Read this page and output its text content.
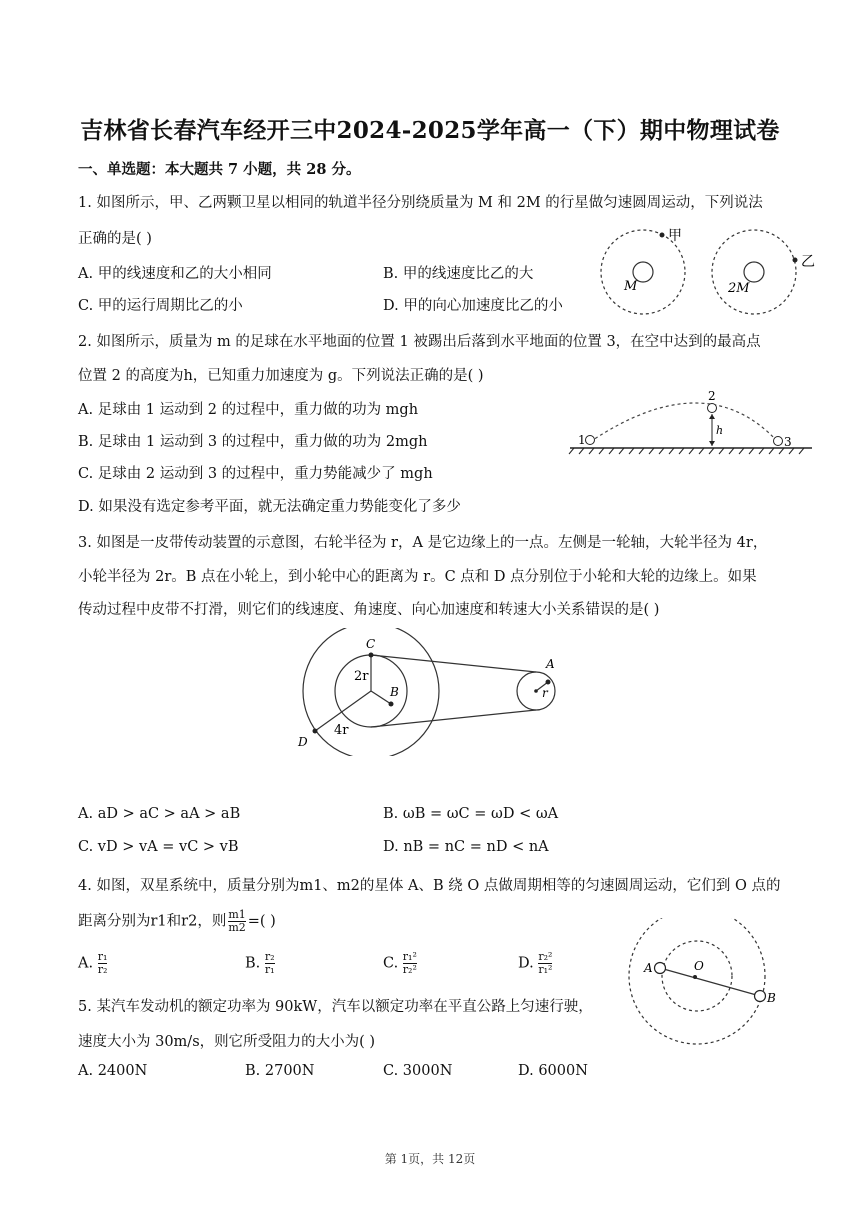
吉林省长春汽车经开三中2024-2025学年高一（下）期中物理试卷
一、单选题：本大题共 7 小题，共 28 分。
1. 如图所示，甲、乙两颗卫星以相同的轨道半径分别绕质量为 M 和 2M 的行星做匀速圆周运动，下列说法
正确的是( )
A. 甲的线速度和乙的大小相同	B. 甲的线速度比乙的大
C. 甲的运行周期比乙的小	D. 甲的向心加速度比乙的小
甲
M
乙
2M
2. 如图所示，质量为 m 的足球在水平地面的位置 1 被踢出后落到水平地面的位置 3，在空中达到的最高点
位置 2 的高度为h，已知重力加速度为 g。下列说法正确的是( )
A. 足球由 1 运动到 2 的过程中，重力做的功为 mgh
B. 足球由 1 运动到 3 的过程中，重力做的功为 2mgh
C. 足球由 2 运动到 3 的过程中，重力势能减少了 mgh
D. 如果没有选定参考平面，就无法确定重力势能变化了多少
1
2
3
h
3. 如图是一皮带传动装置的示意图，右轮半径为 r，A 是它边缘上的一点。左侧是一轮轴，大轮半径为 4r，
小轮半径为 2r。B 点在小轮上，到小轮中心的距离为 r。C 点和 D 点分别位于小轮和大轮的边缘上。如果
传动过程中皮带不打滑，则它们的线速度、角速度、向心加速度和转速大小关系错误的是( )
C
B
A
D
2r
4r
r
A. aD > aC > aA > aB	B. ωB = ωC = ωD < ωA
C. vD > vA = vC > vB	D. nB = nC = nD < nA
4. 如图，双星系统中，质量分别为m1、m2的星体 A、B 绕 O 点做周期相等的匀速圆周运动，它们到 O 点的
距离分别为r1和r2，则 $\frac{m1}{m2}$ =( )
A. $\frac{\text{r₁}}{\text{r₂}}$	B. $\frac{\text{r₂}}{\text{r₁}}$	C. $\frac{\text{r₁²}}{\text{r₂²}}$	D. $\frac{\text{r₂²}}{\text{r₁²}}$	A	O
B
5. 某汽车发动机的额定功率为 90kW，汽车以额定功率在平直公路上匀速行驶，
速度大小为 30m/s，则它所受阻力的大小为( )
A. 2400N	B. 2700N	C. 3000N	D. 6000N
第 1页，共 12页
